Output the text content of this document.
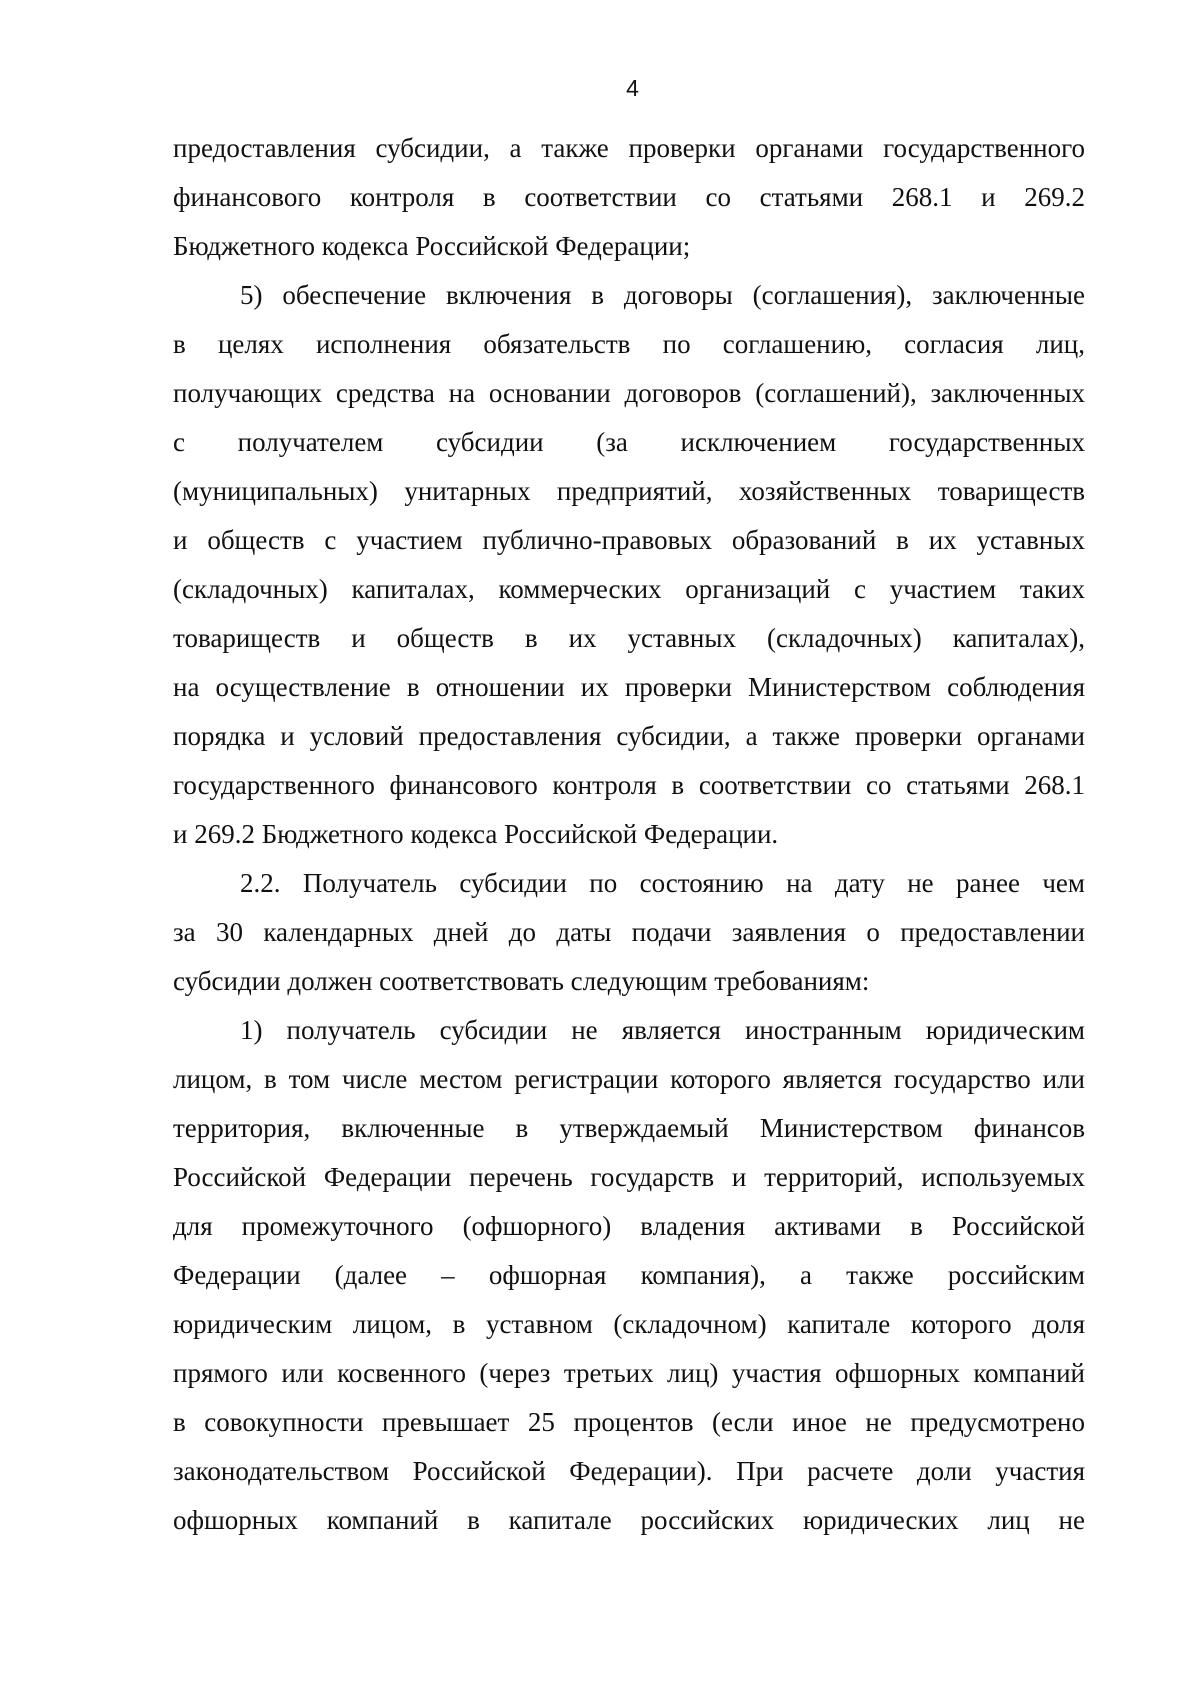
4
предоставления субсидии, а также проверки органами государственного
финансового контроля в соответствии со статьями 268.1 и 269.2
Бюджетного кодекса Российской Федерации;
5) обеспечение включения в договоры (соглашения), заключенные
в целях исполнения обязательств по соглашению, согласия лиц,
получающих средства на основании договоров (соглашений), заключенных
с получателем субсидии (за исключением государственных
(муниципальных) унитарных предприятий, хозяйственных товариществ
и обществ с участием публично-правовых образований в их уставных
(складочных) капиталах, коммерческих организаций с участием таких
товариществ и обществ в их уставных (складочных) капиталах),
на осуществление в отношении их проверки Министерством соблюдения
порядка и условий предоставления субсидии, а также проверки органами
государственного финансового контроля в соответствии со статьями 268.1
и 269.2 Бюджетного кодекса Российской Федерации.
2.2. Получатель субсидии по состоянию на дату не ранее чем
за 30 календарных дней до даты подачи заявления о предоставлении
субсидии должен соответствовать следующим требованиям:
1) получатель субсидии не является иностранным юридическим
лицом, в том числе местом регистрации которого является государство или
территория, включенные в утверждаемый Министерством финансов
Российской Федерации перечень государств и территорий, используемых
для промежуточного (офшорного) владения активами в Российской
Федерации (далее – офшорная компания), а также российским
юридическим лицом, в уставном (складочном) капитале которого доля
прямого или косвенного (через третьих лиц) участия офшорных компаний
в совокупности превышает 25 процентов (если иное не предусмотрено
законодательством Российской Федерации). При расчете доли участия
офшорных компаний в капитале российских юридических лиц не
